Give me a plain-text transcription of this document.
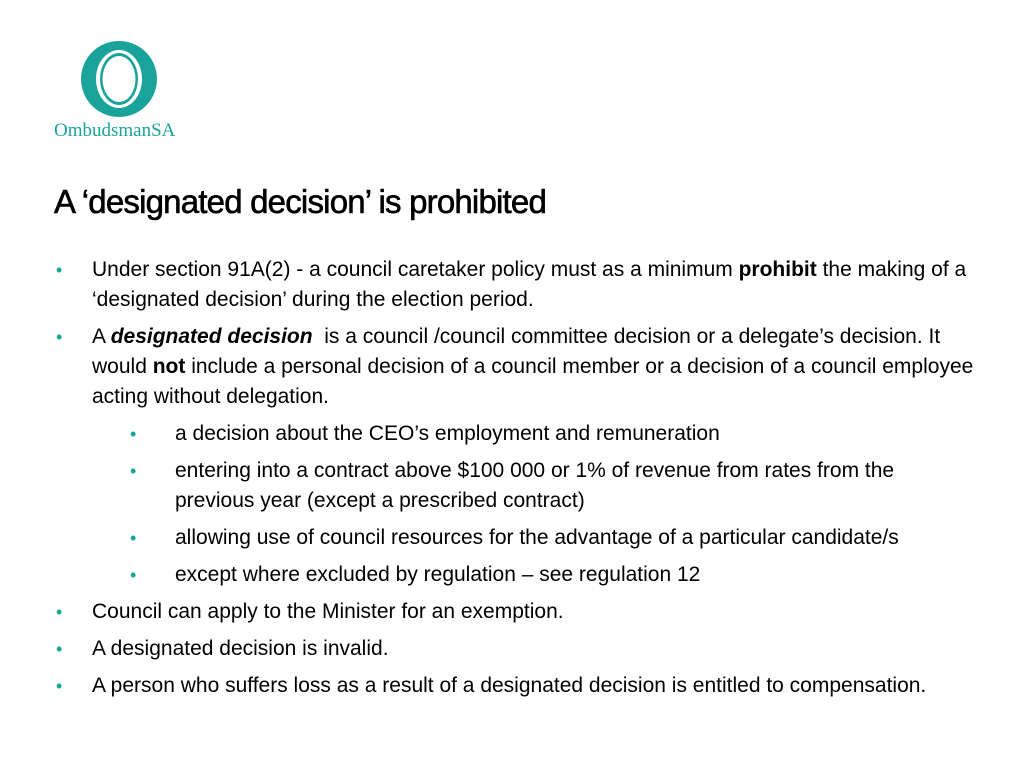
OmbudsmanSA
A ‘designated decision’ is prohibited
• Under section 91A(2) - a council caretaker policy must as a minimum prohibit the making of a ‘designated decision’ during the election period.
• A designated decision  is a council /council committee decision or a delegate’s decision. It would not include a personal decision of a council member or a decision of a council employee acting without delegation.
• a decision about the CEO’s employment and remuneration
• entering into a contract above $100 000 or 1% of revenue from rates from the previous year (except a prescribed contract)
• allowing use of council resources for the advantage of a particular candidate/s
• except where excluded by regulation – see regulation 12
• Council can apply to the Minister for an exemption.
• A designated decision is invalid.
• A person who suffers loss as a result of a designated decision is entitled to compensation.
